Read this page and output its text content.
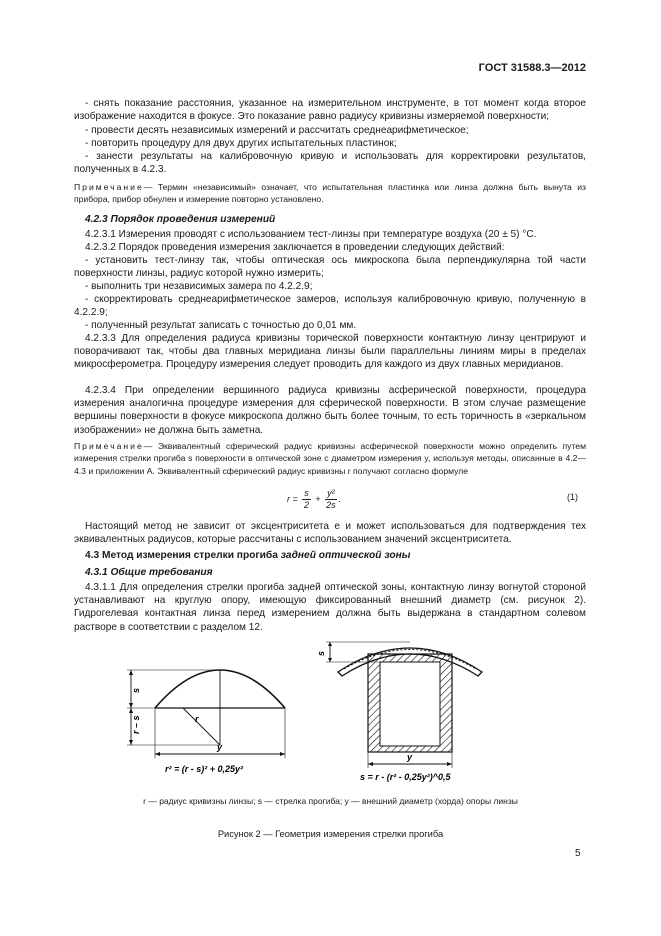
ГОСТ 31588.3—2012

- снять показание расстояния, указанное на измерительном инструменте, в тот момент когда второе изображение находится в фокусе. Это показание равно радиусу кривизны измеряемой поверхности;

- провести десять независимых измерений и рассчитать среднеарифметическое;

- повторить процедуру для двух других испытательных пластинок;

- занести результаты на калибровочную кривую и использовать для корректировки результатов, полученных в 4.2.3.

Примечание— Термин «независимый» означает, что испытательная пластинка или линза должна быть вынута из прибора, прибор обнулен и измерение повторно установлено.

4.2.3 Порядок проведения измерений

4.2.3.1 Измерения проводят с использованием тест-линзы при температуре воздуха (20 ± 5) °С.

4.2.3.2 Порядок проведения измерения заключается в проведении следующих действий:

- установить тест-линзу так, чтобы оптическая ось микроскопа была перпендикулярна той части поверхности линзы, радиус которой нужно измерить;

- выполнить три независимых замера по 4.2.2.9;

- скорректировать среднеарифметическое замеров, используя калибровочную кривую, полученную в 4.2.2.9;

- полученный результат записать с точностью до 0,01 мм.

4.2.3.3 Для определения радиуса кривизны торической поверхности контактную линзу центрируют и поворачивают так, чтобы два главных меридиана линзы были параллельны линиям миры в пределах микросферометра. Процедуру измерения следует проводить для каждого из двух главных меридианов.

4.2.3.4 При определении вершинного радиуса кривизны асферической поверхности, процедура измерения аналогична процедуре измерения для сферической поверхности. В этом случае размещение вершины поверхности в фокусе микроскопа должно быть более точным, то есть торичность в «зеркальном изображении» не должна быть заметна.

Примечание— Эквивалентный сферический радиус кривизны асферической поверхности можно определить путем измерения стрелки прогиба s поверхности в оптической зоне с диаметром измерения y, используя методы, описанные в 4.2—4.3 и приложении А. Эквивалентный сферический радиус кривизны r получают согласно формуле

$r = \frac{s}{2} + \frac{\text{y²}}{2s}$ .	(1)

Настоящий метод не зависит от эксцентриситета е и может использоваться для подтверждения тех эквивалентных радиусов, которые рассчитаны с использованием значений эксцентриситета.

4.3 Метод измерения стрелки прогиба задней оптической зоны
4.3.1 Общие требования

4.3.1.1 Для определения стрелки прогиба задней оптической зоны, контактную линзу вогнутой стороной устанавливают на круглую опору, имеющую фиксированный внешний диаметр (см. рисунок 2). Гидрогелевая контактная линза перед измерением должна быть выдержана в стандартном солевом растворе в соответствии с разделом 12.

s
r – s	r
y
r² = (r - s)² + 0,25y²
s
y
s = r - (r² - 0,25y²)^0,5
r — радиус кривизны линзы; s — стрелка прогиба; y — внешний диаметр (хорда) опоры линзы
Рисунок 2 — Геометрия измерения стрелки прогиба
5
